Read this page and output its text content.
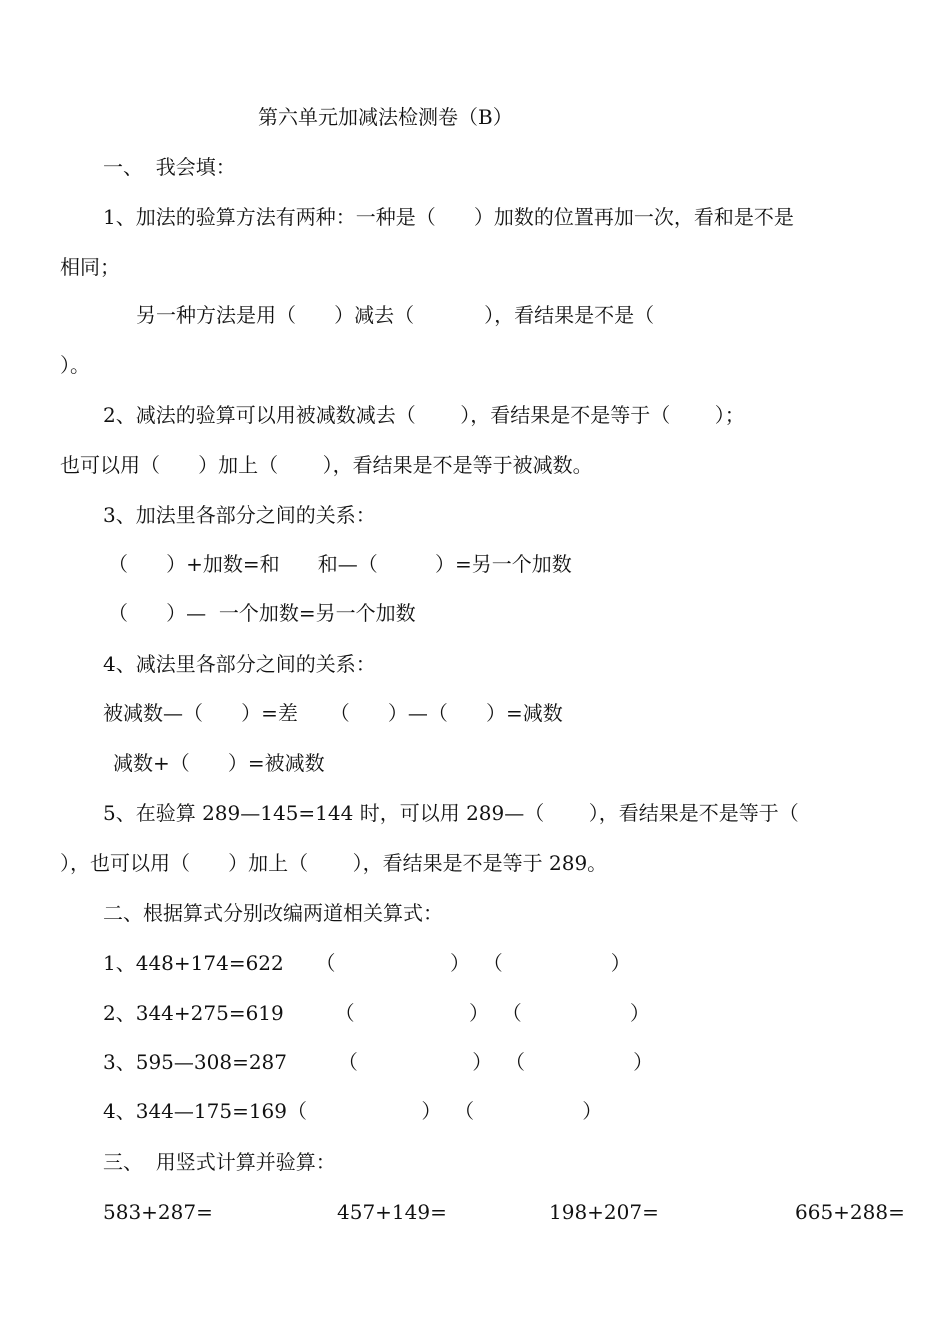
第六单元加减法检测卷（B）
一、  我会填：
1、加法的验算方法有两种：一种是（      ）加数的位置再加一次，看和是不是
相同；
另一种方法是用（      ）减去（           ），看结果是不是（
）。
2、减法的验算可以用被减数减去（       ），看结果是不是等于（       ）；
也可以用（      ）加上（       ），看结果是不是等于被减数。
3、加法里各部分之间的关系：
（      ）+加数=和      和—（         ）=另一个加数
（      ）—  一个加数=另一个加数
4、减法里各部分之间的关系：
被减数—（      ）=差     （      ）—（      ）=减数
减数+（      ）=被减数
5、在验算 289—145=144 时，可以用 289—（       ），看结果是不是等于（
），也可以用（      ）加上（       ），看结果是不是等于 289。
二、根据算式分别改编两道相关算式：
1、448+174=622     （                  ）  （                 ）
2、344+275=619        （                  ）  （                 ）
3、595—308=287        （                  ）  （                 ）
4、344—175=169（                  ）  （                 ）
三、  用竖式计算并验算：
583+287=	457+149=	198+207=	665+288=
